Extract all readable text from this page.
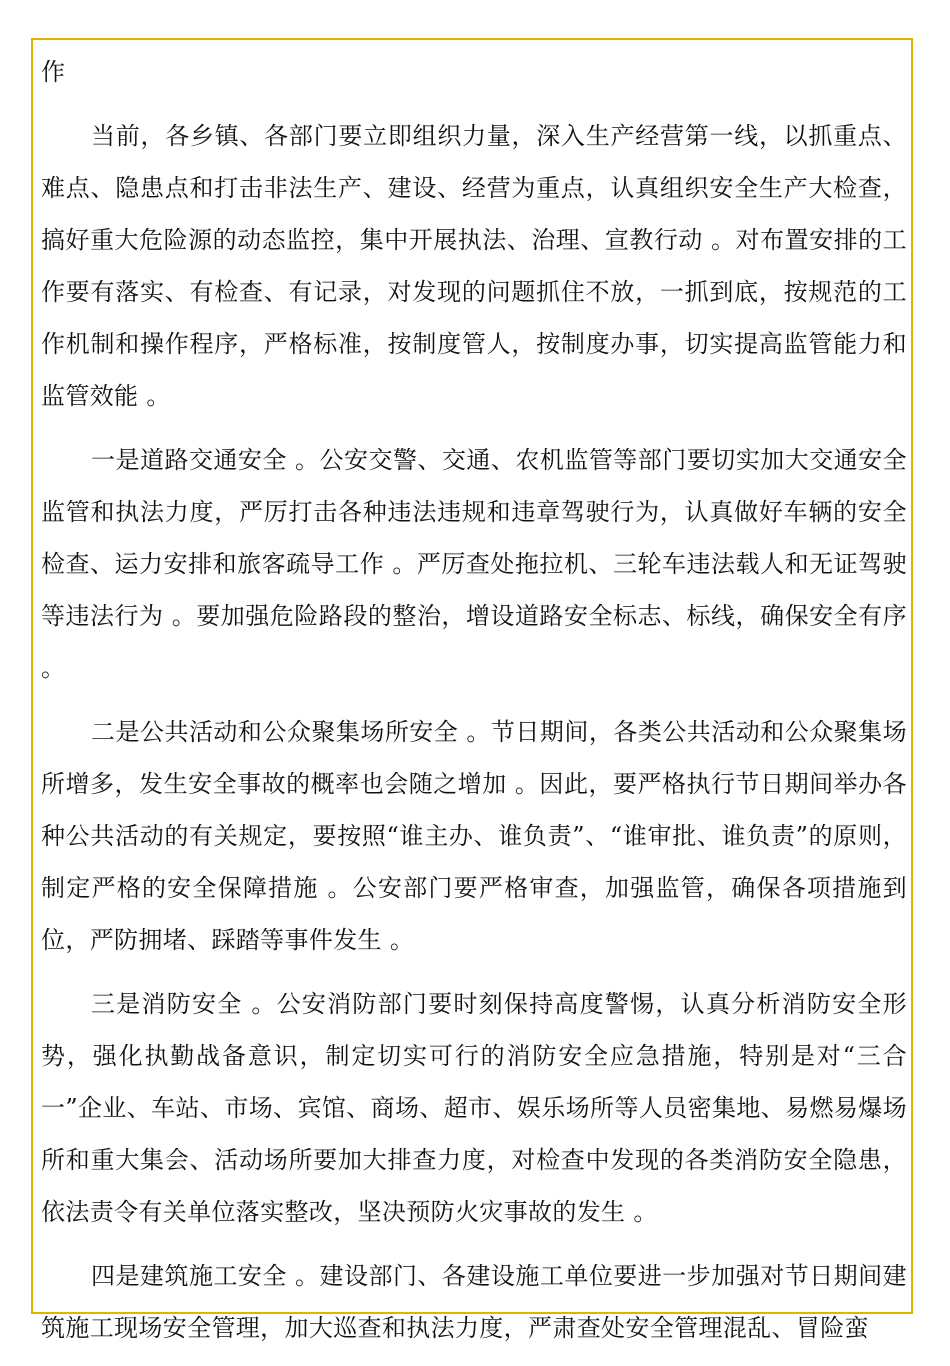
作

当前，各乡镇、各部门要立即组织力量，深入生产经营第一线，以抓重点、难点、隐患点和打击非法生产、建设、经营为重点，认真组织安全生产大检查，搞好重大危险源的动态监控，集中开展执法、治理、宣教行动 。对布置安排的工作要有落实、有检查、有记录，对发现的问题抓住不放，一抓到底，按规范的工作机制和操作程序，严格标准，按制度管人，按制度办事，切实提高监管能力和监管效能 。

一是道路交通安全 。公安交警、交通、农机监管等部门要切实加大交通安全监管和执法力度，严厉打击各种违法违规和违章驾驶行为，认真做好车辆的安全检查、运力安排和旅客疏导工作 。严厉查处拖拉机、三轮车违法载人和无证驾驶等违法行为 。要加强危险路段的整治，增设道路安全标志、标线，确保安全有序 。

二是公共活动和公众聚集场所安全 。节日期间，各类公共活动和公众聚集场所增多，发生安全事故的概率也会随之增加 。因此，要严格执行节日期间举办各种公共活动的有关规定，要按照“谁主办、谁负责”、“谁审批、谁负责”的原则，制定严格的安全保障措施 。公安部门要严格审查，加强监管，确保各项措施到位，严防拥堵、踩踏等事件发生 。

三是消防安全 。公安消防部门要时刻保持高度警惕，认真分析消防安全形势，强化执勤战备意识，制定切实可行的消防安全应急措施，特别是对“三合一”企业、车站、市场、宾馆、商场、超市、娱乐场所等人员密集地、易燃易爆场所和重大集会、活动场所要加大排查力度，对检查中发现的各类消防安全隐患，依法责令有关单位落实整改，坚决预防火灾事故的发生 。

四是建筑施工安全 。建设部门、各建设施工单位要进一步加强对节日期间建筑施工现场安全管理，加大巡查和执法力度，严肃查处安全管理混乱、冒险蛮
